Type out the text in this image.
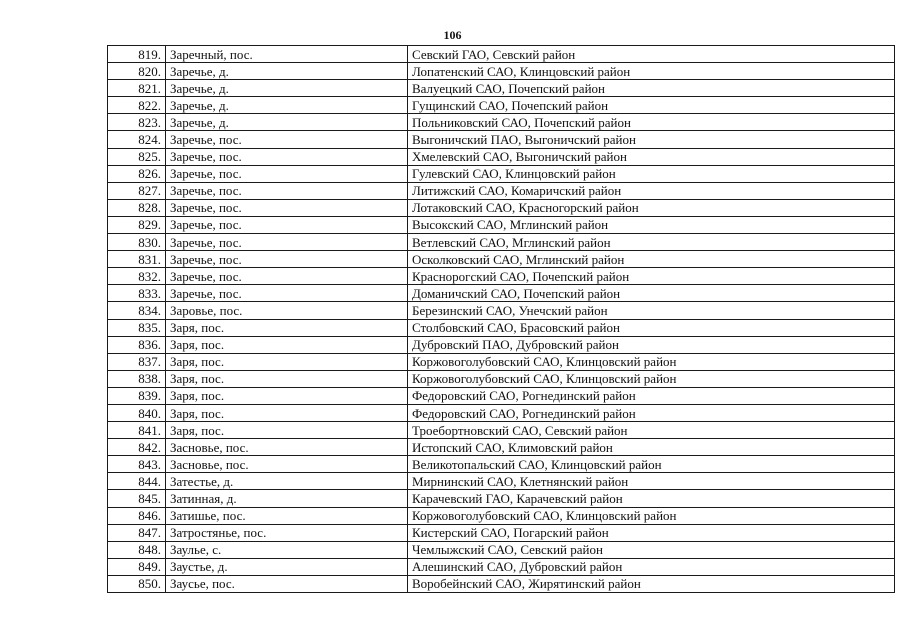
106
819.	Заречный, пос.	Севский ГАО, Севский район
820.	Заречье, д.	Лопатенский САО, Клинцовский район
821.	Заречье, д.	Валуецкий САО, Почепский район
822.	Заречье, д.	Гущинский САО, Почепский район
823.	Заречье, д.	Польниковский САО, Почепский район
824.	Заречье, пос.	Выгоничский ПАО, Выгоничский район
825.	Заречье, пос.	Хмелевский САО, Выгоничский район
826.	Заречье, пос.	Гулевский САО, Клинцовский район
827.	Заречье, пос.	Литижский САО, Комаричский район
828.	Заречье, пос.	Лотаковский САО, Красногорский район
829.	Заречье, пос.	Высокский САО, Мглинский район
830.	Заречье, пос.	Ветлевский САО, Мглинский район
831.	Заречье, пос.	Осколковский САО, Мглинский район
832.	Заречье, пос.	Краснорогский САО, Почепский район
833.	Заречье, пос.	Доманичский САО, Почепский район
834.	Заровье, пос.	Березинский САО, Унечский район
835.	Заря, пос.	Столбовский САО, Брасовский район
836.	Заря, пос.	Дубровский ПАО, Дубровский район
837.	Заря, пос.	Коржовоголубовский САО, Клинцовский район
838.	Заря, пос.	Коржовоголубовский САО, Клинцовский район
839.	Заря, пос.	Федоровский САО, Рогнединский район
840.	Заря, пос.	Федоровский САО, Рогнединский район
841.	Заря, пос.	Троебортновский САО, Севский район
842.	Засновье, пос.	Истопский САО, Климовский район
843.	Засновье, пос.	Великотопальский САО, Клинцовский район
844.	Затестье, д.	Мирнинский САО, Клетнянский район
845.	Затинная, д.	Карачевский ГАО, Карачевский район
846.	Затишье, пос.	Коржовоголубовский САО, Клинцовский район
847.	Затростянье, пос.	Кистерский САО, Погарский район
848.	Заулье, с.	Чемлыжский САО, Севский район
849.	Заустье, д.	Алешинский САО, Дубровский район
850.	Заусье, пос.	Воробейнский САО, Жирятинский район
